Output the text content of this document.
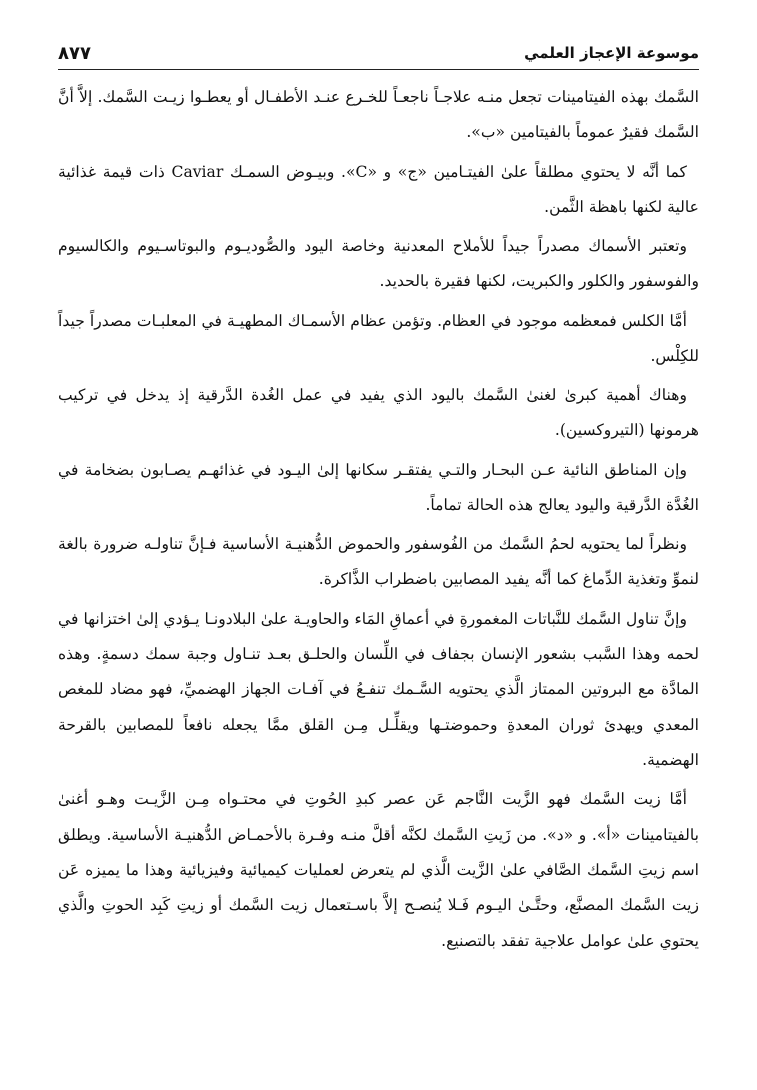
موسوعة الإعجاز العلمي
٨٧٧

السَّمك بهذه الفيتامينات تجعل منـه علاجـاً ناجعـاً للخـرع عنـد الأطفـال أو يعطـوا زيـت السَّمك. إلاَّ أنَّ السَّمك فقيرٌ عموماً بالفيتامين «ب».

كما أنَّه لا يحتوي مطلقاً علىٰ الفيتـامين «ج» و «C». وبيـوض السمـك Caviar ذات قيمة غذائية عالية لكنها باهظة الثَّمن.

وتعتبر الأسماك مصدراً جيداً للأملاح المعدنية وخاصة اليود والصُّوديـوم والبوتاسـيوم والكالسيوم والفوسفور والكلور والكبريت، لكنها فقيرة بالحديد.

أمَّا الكلس فمعظمه موجود في العظام. وتؤمن عظام الأسمـاك المطهيـة في المعلبـات مصدراً جيداً للكِلْس.

وهناك أهمية كبرىٰ لغنىٰ السَّمك باليود الذي يفيد في عمل الغُدة الدَّرقية إذ يدخل في تركيب هرمونها (التيروكسين).

وإن المناطق النائية عـن البحـار والتـي يفتقـر سكانها إلىٰ اليـود في غذائهـم يصـابون بضخامة في الغُدَّة الدَّرقية واليود يعالج هذه الحالة تماماً.

ونظراً لما يحتويه لحمُ السَّمك من الفُوسفور والحموض الدُّهنيـة الأساسية فـإنَّ تناولـه ضرورة بالغة لنموِّ وتغذية الدِّماغ كما أنَّه يفيد المصابين باضطراب الذَّاكرة.

وإنَّ تناول السَّمك للنَّباتات المغمورةِ في أعماقِ المَاء والحاويـة علىٰ البلادونـا يـؤدي إلىٰ اختزانها في لحمه وهذا السَّبب بشعور الإنسان بجفاف في اللِّسان والحلـق بعـد تنـاول وجبة سمك دسمةٍ. وهذه المادَّة مع البروتين الممتاز الَّذي يحتويه السَّـمك تنفـعُ في آفـات الجهاز الهضميِّ، فهو مضاد للمغص المعدي ويهدئ ثوران المعدةِ وحموضتـها ويقلِّـل مِـن القلق ممَّا يجعله نافعاً للمصابين بالقرحة الهضمية.

أمَّا زيت السَّمك فهو الزَّيت النَّاجم عَن عصر كبدِ الحُوتِ في محتـواه مِـن الزَّيـت وهـو أغنىٰ بالفيتامينات «أ». و «د». من زَيتِ السَّمك لكنَّه أقلَّ منـه وفـرة بالأحمـاض الدُّهنيـة الأساسية. ويطلق اسم زيتِ السَّمك الصَّافي علىٰ الزَّيت الَّذي لم يتعرض لعمليات كيميائية وفيزيائية وهذا ما يميزه عَن زيت السَّمك المصنَّع، وحتَّـىٰ اليـوم فَـلا يُنصـح إلاَّ باسـتعمال زيت السَّمك أو زيتِ كَبِد الحوتِ والَّذي يحتوي علىٰ عوامل علاجية تفقد بالتصنيع.
